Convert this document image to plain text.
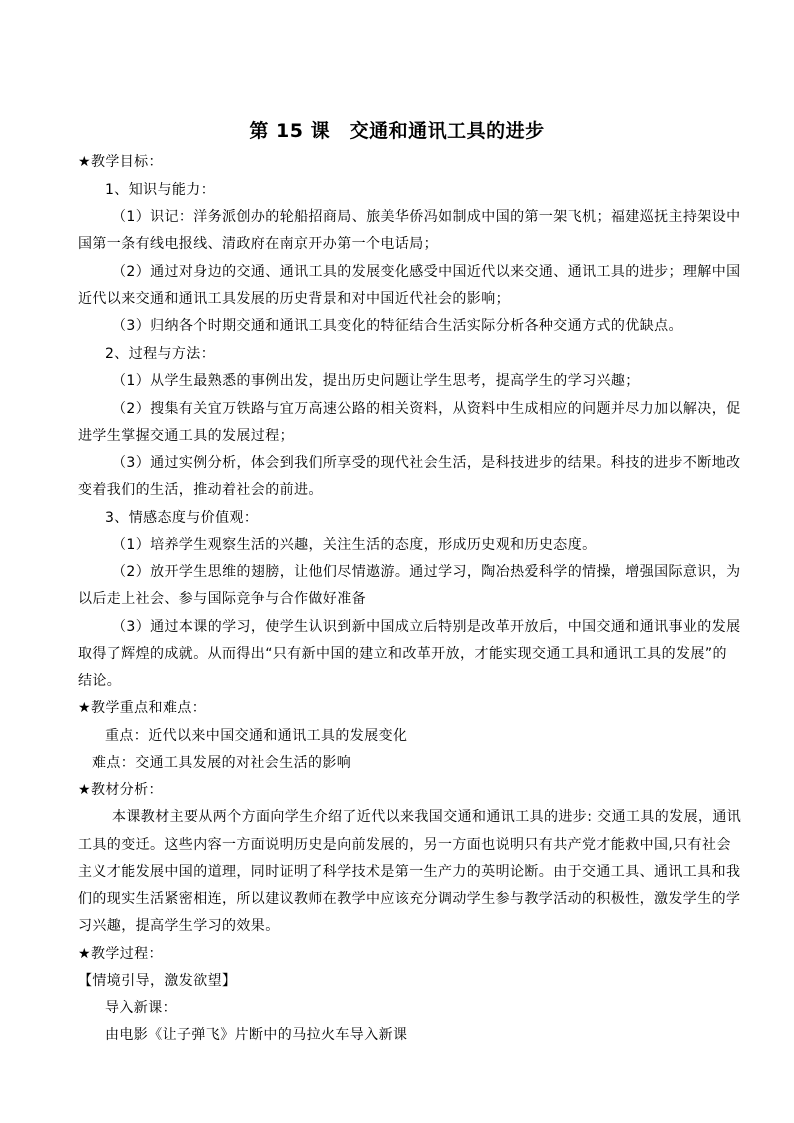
第 15 课　交通和通讯工具的进步
★教学目标：
1、知识与能力：
（1）识记：洋务派创办的轮船招商局、旅美华侨冯如制成中国的第一架飞机；福建巡抚主持架设中
国第一条有线电报线、清政府在南京开办第一个电话局；
（2）通过对身边的交通、通讯工具的发展变化感受中国近代以来交通、通讯工具的进步；理解中国
近代以来交通和通讯工具发展的历史背景和对中国近代社会的影响；
（3）归纳各个时期交通和通讯工具变化的特征结合生活实际分析各种交通方式的优缺点。
2、过程与方法：
（1）从学生最熟悉的事例出发，提出历史问题让学生思考，提高学生的学习兴趣；
（2）搜集有关宜万铁路与宜万高速公路的相关资料，从资料中生成相应的问题并尽力加以解决，促
进学生掌握交通工具的发展过程；
（3）通过实例分析，体会到我们所享受的现代社会生活，是科技进步的结果。科技的进步不断地改
变着我们的生活，推动着社会的前进。
3、情感态度与价值观：
（1）培养学生观察生活的兴趣，关注生活的态度，形成历史观和历史态度。
（2）放开学生思维的翅膀，让他们尽情遨游。通过学习，陶冶热爱科学的情操，增强国际意识，为
以后走上社会、参与国际竞争与合作做好准备
（3）通过本课的学习，使学生认识到新中国成立后特别是改革开放后，中国交通和通讯事业的发展
取得了辉煌的成就。从而得出“只有新中国的建立和改革开放，才能实现交通工具和通讯工具的发展”的
结论。
★教学重点和难点：
重点：近代以来中国交通和通讯工具的发展变化
难点：交通工具发展的对社会生活的影响
★教材分析：
本课教材主要从两个方面向学生介绍了近代以来我国交通和通讯工具的进步: 交通工具的发展，通讯
工具的变迁。这些内容一方面说明历史是向前发展的，另一方面也说明只有共产党才能救中国,只有社会
主义才能发展中国的道理，同时证明了科学技术是第一生产力的英明论断。由于交通工具、通讯工具和我
们的现实生活紧密相连，所以建议教师在教学中应该充分调动学生参与教学活动的积极性，激发学生的学
习兴趣，提高学生学习的效果。
★教学过程：
【情境引导，激发欲望】
导入新课：
由电影《让子弹飞》片断中的马拉火车导入新课
